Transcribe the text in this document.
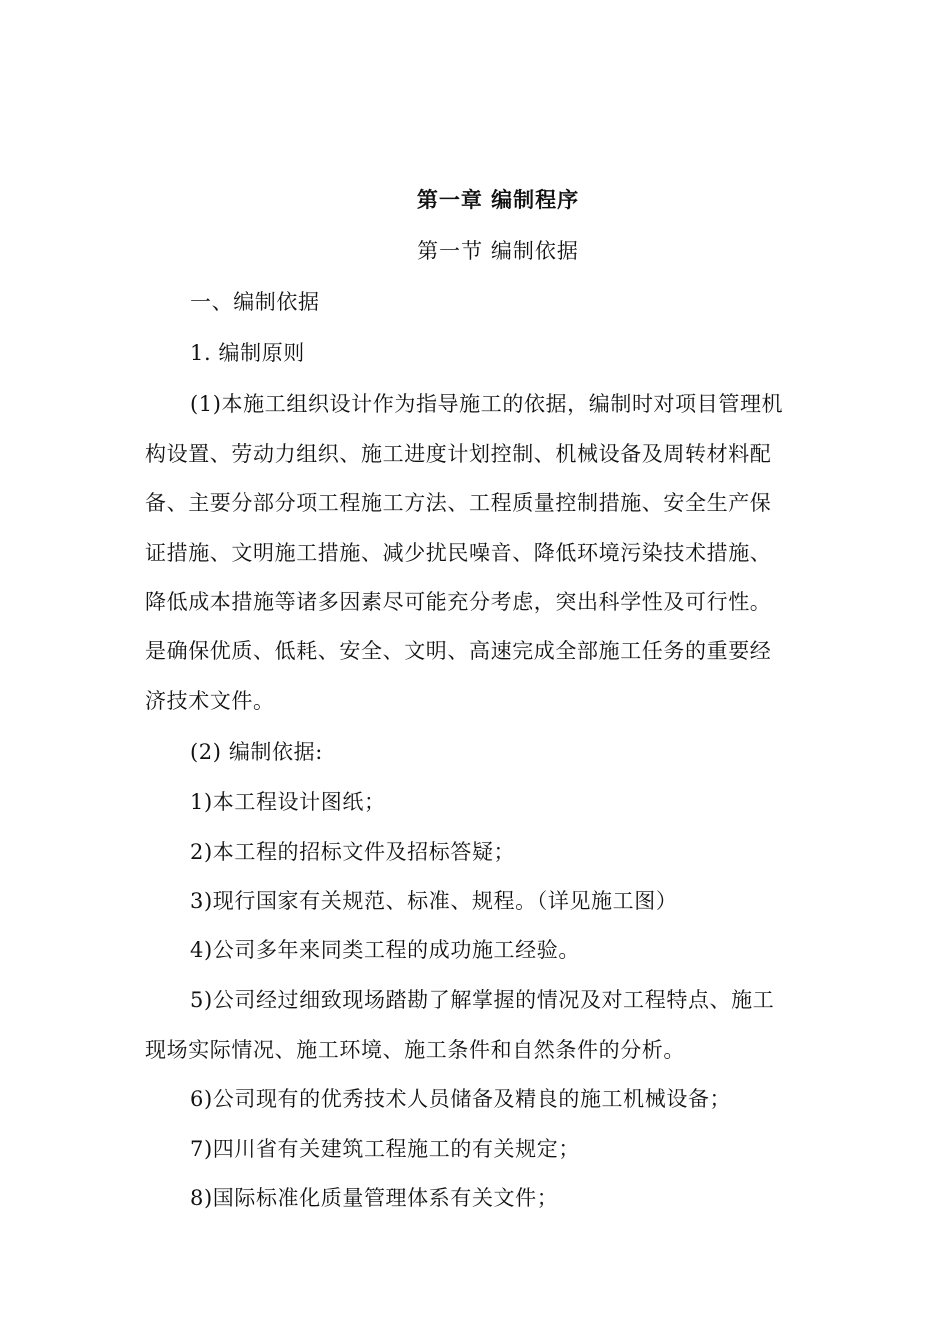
第一章 编制程序
第一节 编制依据
一、编制依据
1. 编制原则
(1)本施工组织设计作为指导施工的依据，编制时对项目管理机
构设置、劳动力组织、施工进度计划控制、机械设备及周转材料配
备、主要分部分项工程施工方法、工程质量控制措施、安全生产保
证措施、文明施工措施、减少扰民噪音、降低环境污染技术措施、
降低成本措施等诸多因素尽可能充分考虑，突出科学性及可行性。
是确保优质、低耗、安全、文明、高速完成全部施工任务的重要经
济技术文件。
(2) 编制依据:
1)本工程设计图纸；
2)本工程的招标文件及招标答疑；
3)现行国家有关规范、标准、规程。（详见施工图）
4)公司多年来同类工程的成功施工经验。
5)公司经过细致现场踏勘了解掌握的情况及对工程特点、施工
现场实际情况、施工环境、施工条件和自然条件的分析。
6)公司现有的优秀技术人员储备及精良的施工机械设备；
7)四川省有关建筑工程施工的有关规定；
8)国际标准化质量管理体系有关文件；
